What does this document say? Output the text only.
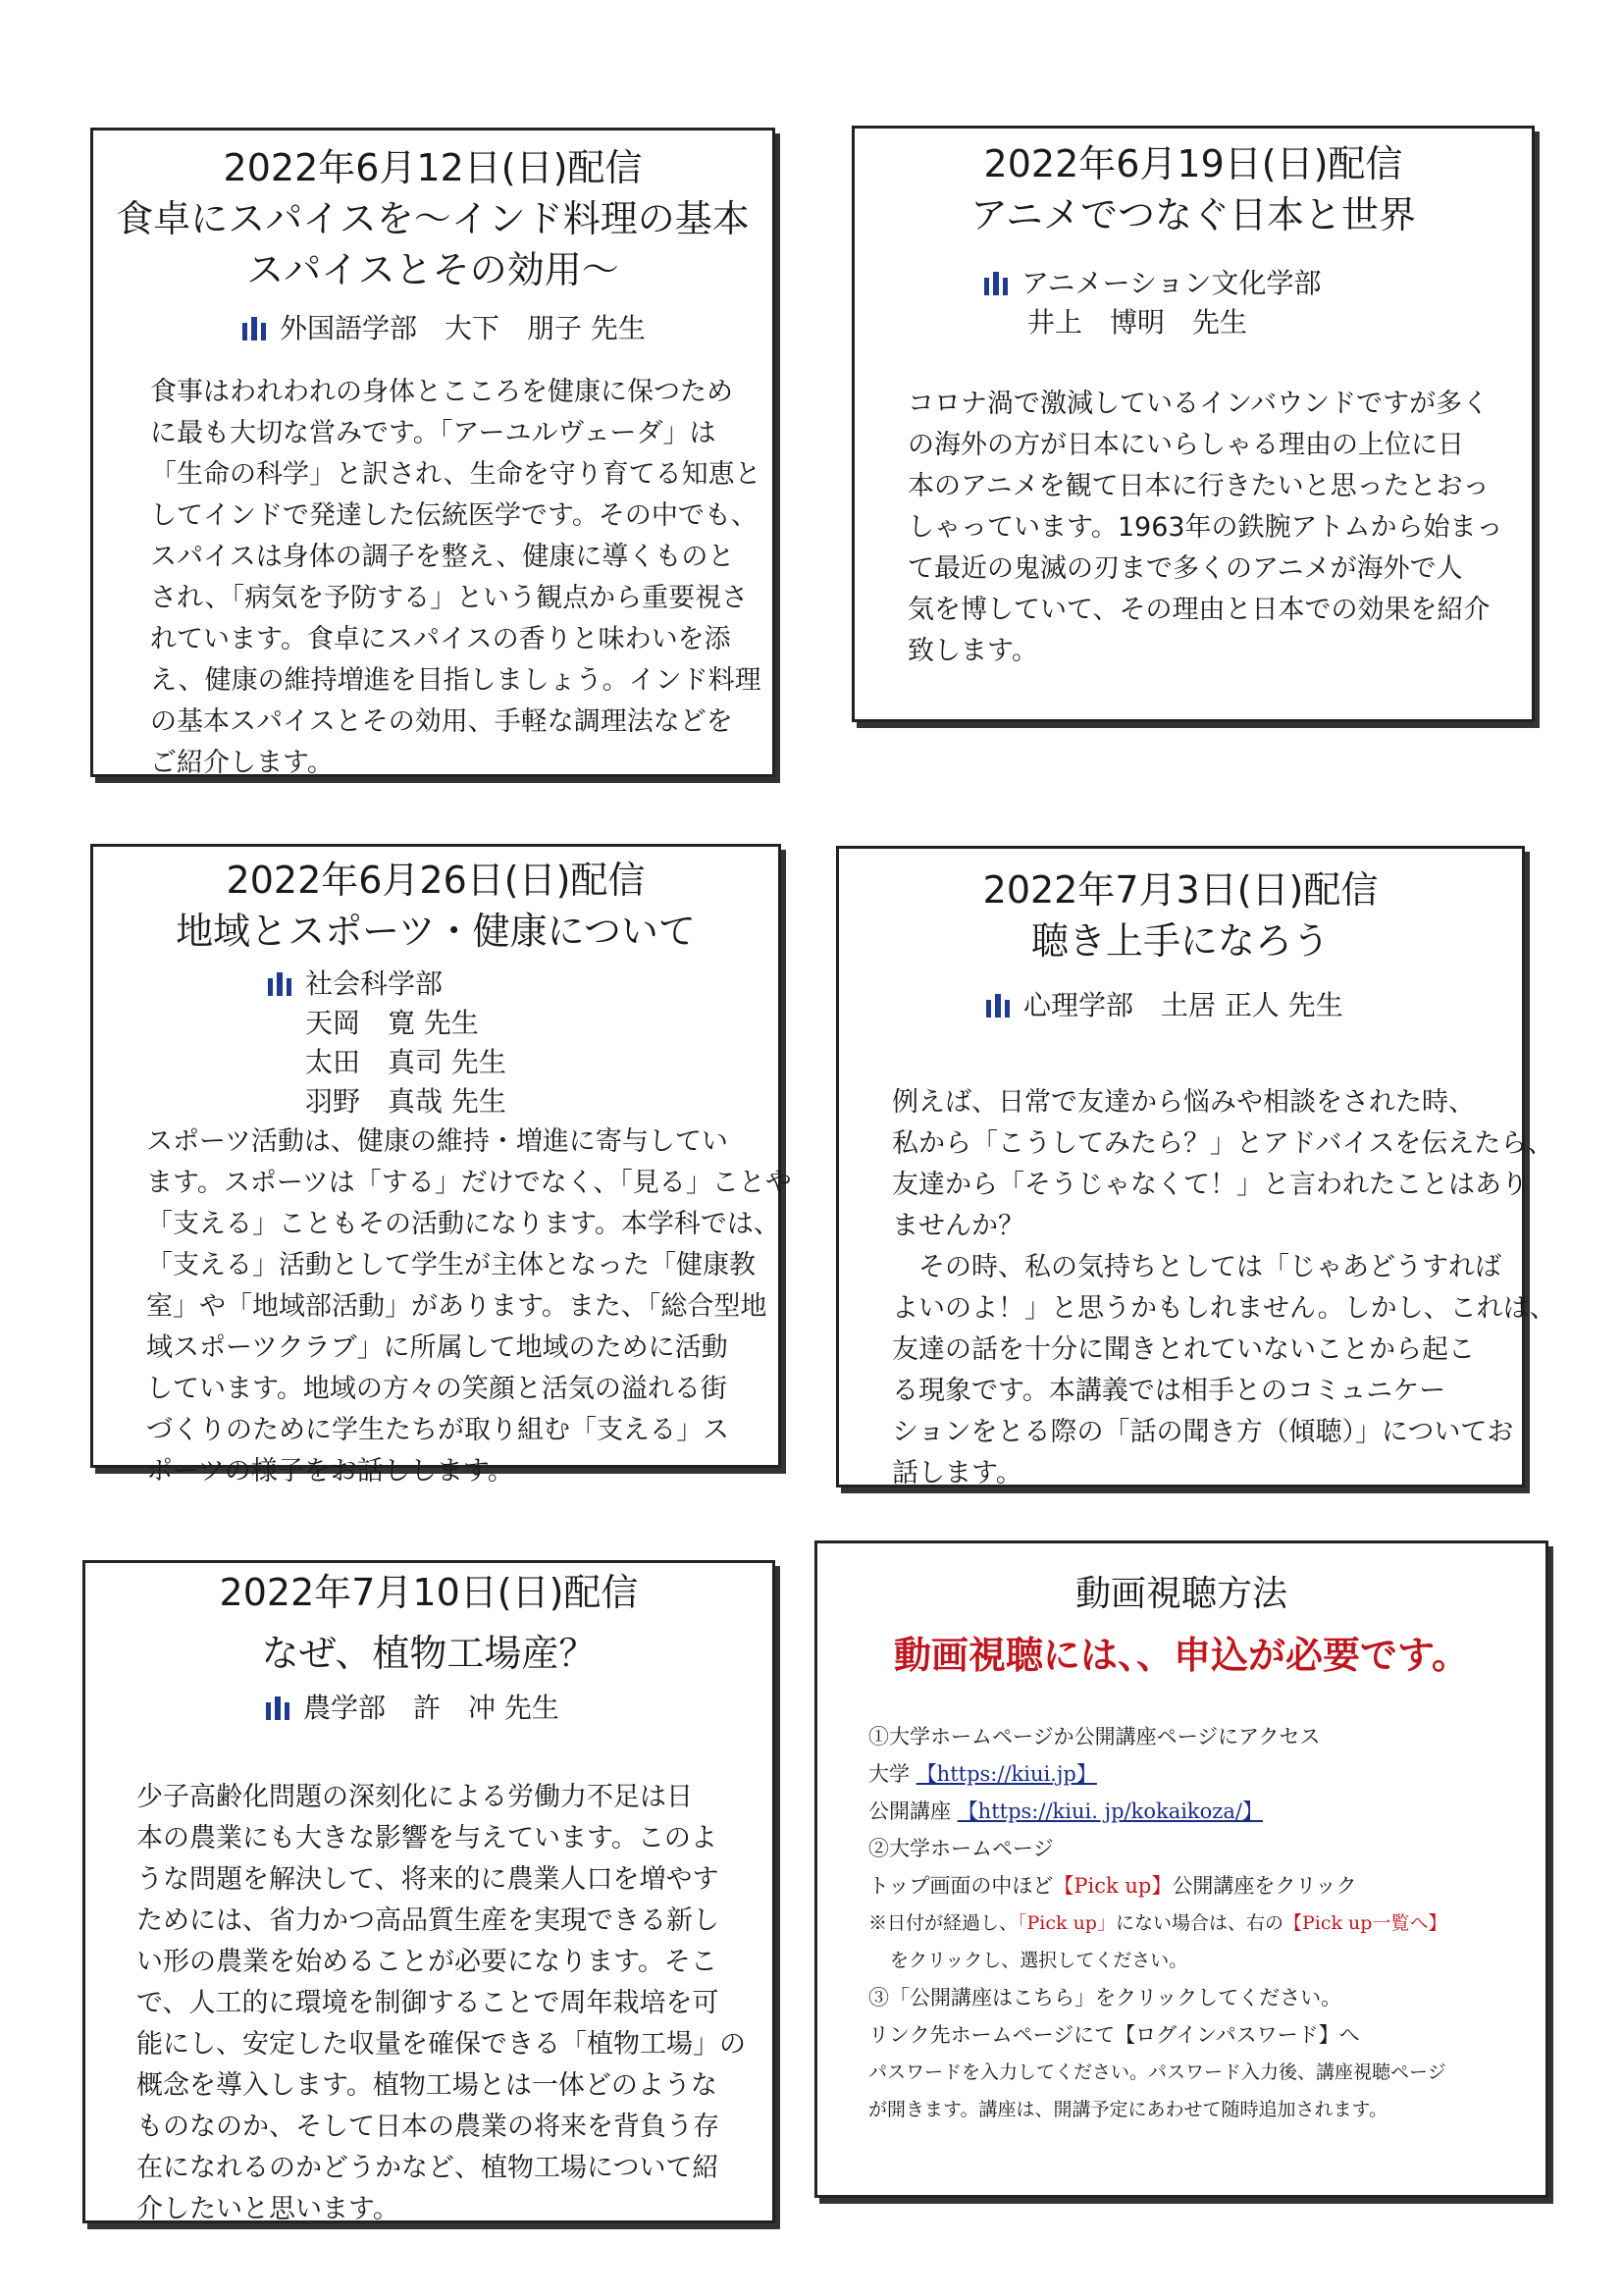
2022年6月12日(日)配信

食卓にスパイスを〜インド料理の基本
スパイスとその効用〜
外国語学部　大下　朋子 先生
食事はわれわれの身体とこころを健康に保つため
に最も大切な営みです。「アーユルヴェーダ」は
「生命の科学」と訳され、生命を守り育てる知恵と
してインドで発達した伝統医学です。その中でも、
スパイスは身体の調子を整え、健康に導くものと
され、「病気を予防する」という観点から重要視さ
れています。食卓にスパイスの香りと味わいを添
え、健康の維持増進を目指しましょう。インド料理
の基本スパイスとその効用、手軽な調理法などを
ご紹介します。

2022年6月19日(日)配信

アニメでつなぐ日本と世界
アニメーション文化学部
井上　博明　先生
コロナ渦で激減しているインバウンドですが多く
の海外の方が日本にいらしゃる理由の上位に日
本のアニメを観て日本に行きたいと思ったとおっ
しゃっています。1963年の鉄腕アトムから始まっ
て最近の鬼滅の刃まで多くのアニメが海外で人
気を博していて、その理由と日本での効果を紹介
致します。

2022年6月26日(日)配信

地域とスポーツ・健康について
社会科学部
天岡　寛 先生
太田　真司 先生
羽野　真哉 先生
スポーツ活動は、健康の維持・増進に寄与してい
ます。スポーツは「する」だけでなく、「見る」ことや
「支える」こともその活動になります。本学科では、
「支える」活動として学生が主体となった「健康教
室」や「地域部活動」があります。また、「総合型地
域スポーツクラブ」に所属して地域のために活動
しています。地域の方々の笑顔と活気の溢れる街
づくりのために学生たちが取り組む「支える」ス
ポーツの様子をお話しします。

2022年7月3日(日)配信

聴き上手になろう
心理学部　土居 正人 先生
例えば、日常で友達から悩みや相談をされた時、
私から「こうしてみたら？」とアドバイスを伝えたら、
友達から「そうじゃなくて！」と言われたことはあり
ませんか？
　その時、私の気持ちとしては「じゃあどうすれば
よいのよ！」と思うかもしれません。しかし、これは、
友達の話を十分に聞きとれていないことから起こ
る現象です。本講義では相手とのコミュニケー
ションをとる際の「話の聞き方（傾聴）」についてお
話します。

2022年7月10日(日)配信

なぜ、植物工場産？
農学部　許　冲 先生
少子高齢化問題の深刻化による労働力不足は日
本の農業にも大きな影響を与えています。このよ
うな問題を解決して、将来的に農業人口を増やす
ためには、省力かつ高品質生産を実現できる新し
い形の農業を始めることが必要になります。そこ
で、人工的に環境を制御することで周年栽培を可
能にし、安定した収量を確保できる「植物工場」の
概念を導入します。植物工場とは一体どのような
ものなのか、そして日本の農業の将来を背負う存
在になれるのかどうかなど、植物工場について紹
介したいと思います。
動画視聴方法
動画視聴には、、申込が必要です。
①大学ホームページか公開講座ページにアクセス
大学 【https://kiui.jp】
公開講座 【https://kiui. jp/kokaikoza/】
②大学ホームページ
トップ画面の中ほど【Pick up】公開講座をクリック
※日付が経過し、「Pick up」にない場合は、右の【Pick up一覧へ】
をクリックし、選択してください。
③「公開講座はこちら」をクリックしてください。
リンク先ホームページにて【ログインパスワード】へ
パスワードを入力してください。パスワード入力後、講座視聴ページ
が開きます。講座は、開講予定にあわせて随時追加されます。
